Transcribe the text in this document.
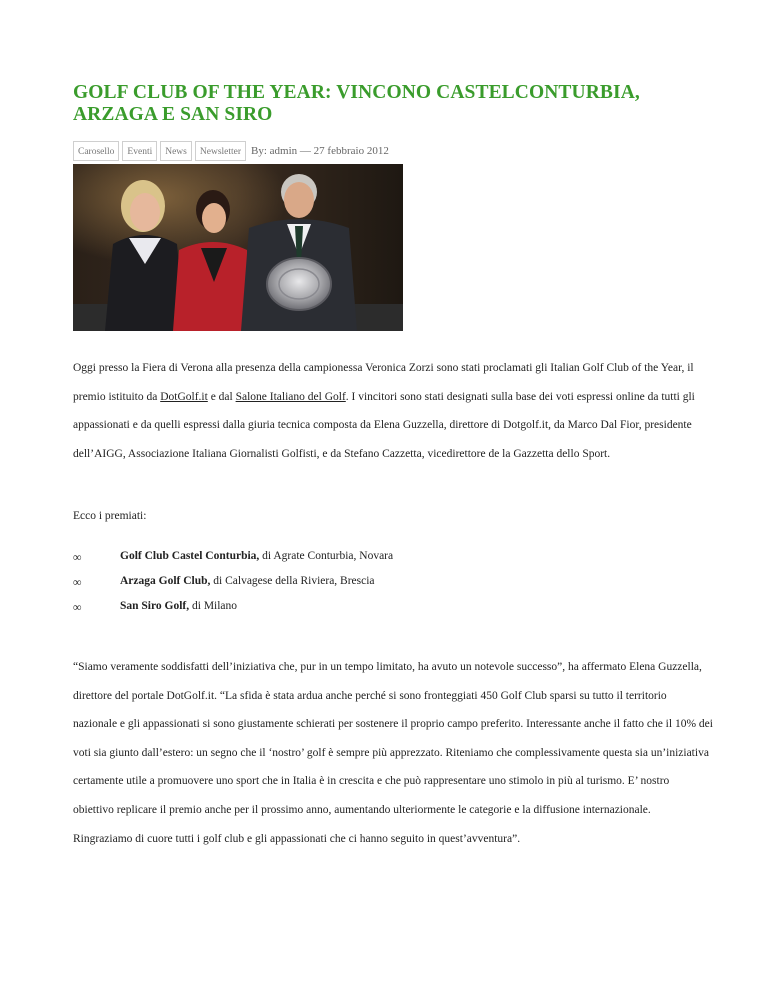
GOLF CLUB OF THE YEAR: VINCONO CASTELCONTURBIA, ARZAGA E SAN SIRO
Carosello	Eventi	News	Newsletter By: admin — 27 febbraio 2012

Oggi presso la Fiera di Verona alla presenza della campionessa Veronica Zorzi sono stati proclamati gli Italian Golf Club of the Year, il premio istituito da DotGolf.it e dal Salone Italiano del Golf. I vincitori sono stati designati sulla base dei voti espressi online da tutti gli appassionati e da quelli espressi dalla giuria tecnica composta da Elena Guzzella, direttore di Dotgolf.it, da Marco Dal Fior, presidente dell’AIGG, Associazione Italiana Giornalisti Golfisti, e da Stefano Cazzetta, vicedirettore de la Gazzetta dello Sport.

Ecco i premiati:

∞	Golf Club Castel Conturbia, di Agrate Conturbia, Novara
∞	Arzaga Golf Club, di Calvagese della Riviera, Brescia
∞	San Siro Golf, di Milano

“Siamo veramente soddisfatti dell’iniziativa che, pur in un tempo limitato, ha avuto un notevole successo”, ha affermato Elena Guzzella, direttore del portale DotGolf.it. “La sfida è stata ardua anche perché si sono fronteggiati 450 Golf Club sparsi su tutto il territorio nazionale e gli appassionati si sono giustamente schierati per sostenere il proprio campo preferito. Interessante anche il fatto che il 10% dei voti sia giunto dall’estero: un segno che il ‘nostro’ golf è sempre più apprezzato. Riteniamo che complessivamente questa sia un’iniziativa certamente utile a promuovere uno sport che in Italia è in crescita e che può rappresentare uno stimolo in più al turismo. E’ nostro obiettivo replicare il premio anche per il prossimo anno, aumentando ulteriormente le categorie e la diffusione internazionale. Ringraziamo di cuore tutti i golf club e gli appassionati che ci hanno seguito in quest’avventura”.
